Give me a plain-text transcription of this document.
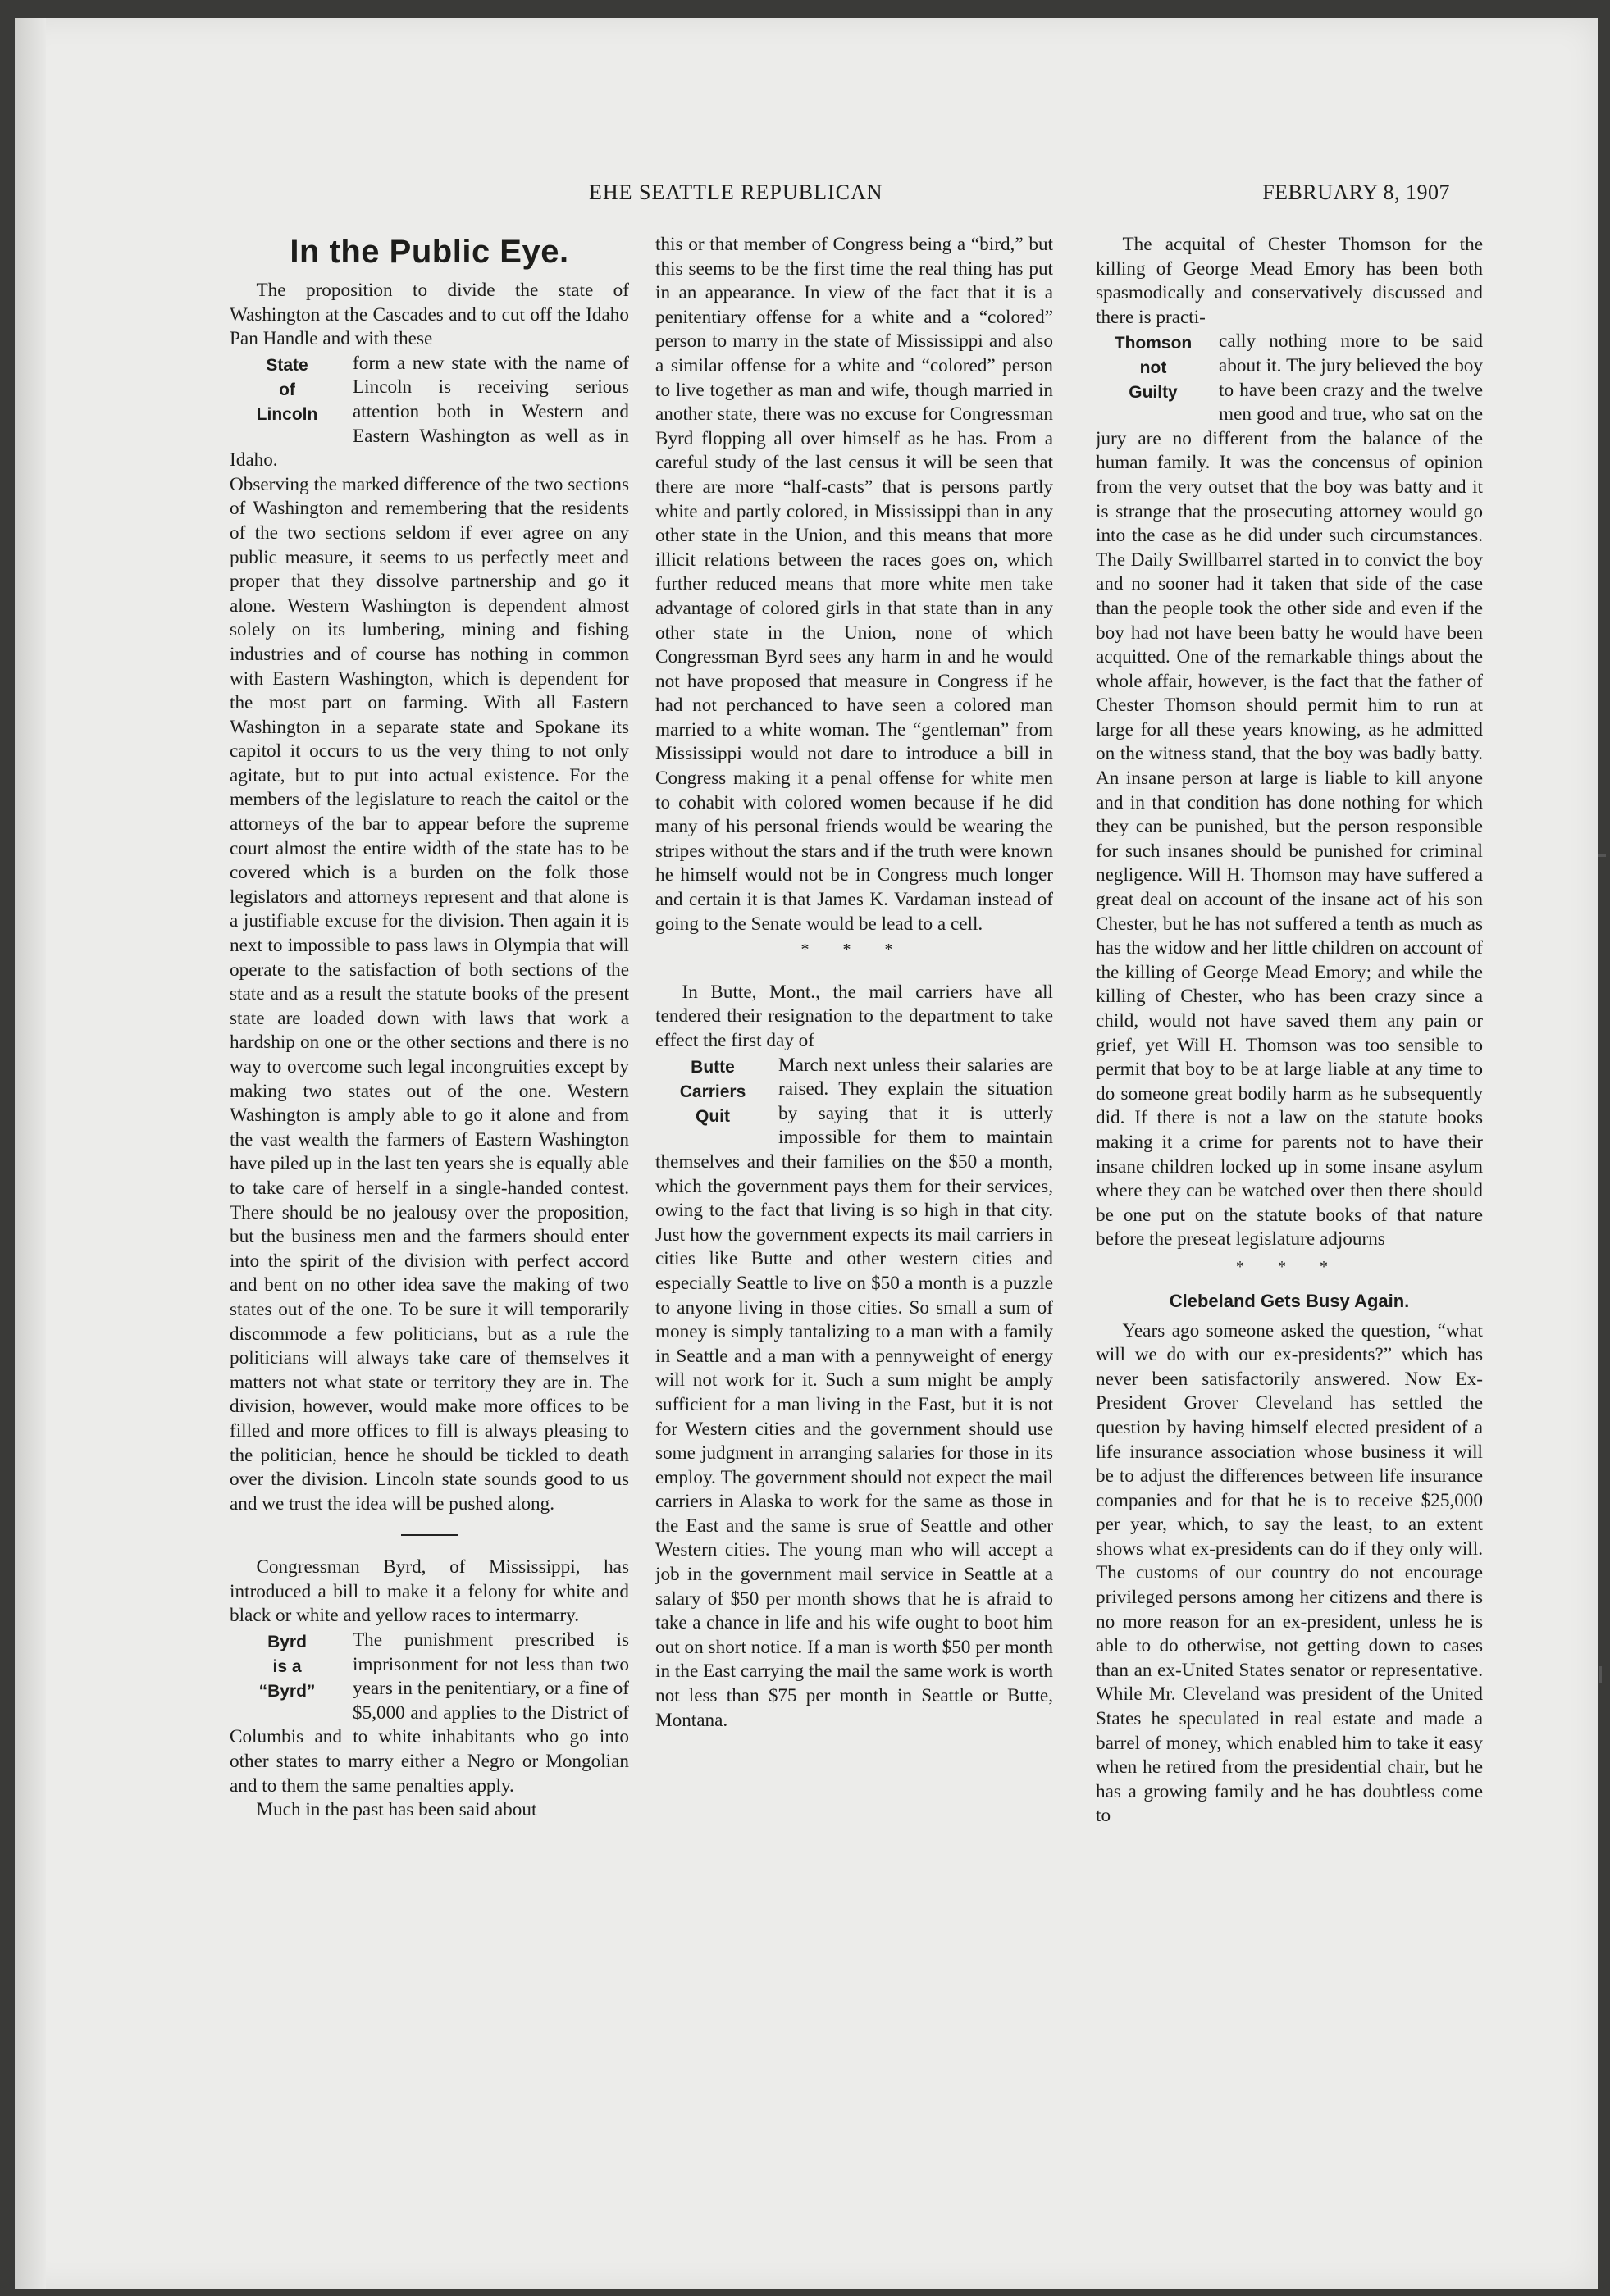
EHE SEATTLE REPUBLICAN	FEBRUARY 8, 1907
In the Public Eye.

The proposition to divide the state of Washington at the Cascades and to cut off the Idaho Pan Handle and with these

State
of
Lincoln
form a new state with the name of Lincoln is receiving serious attention both in Western and Eastern Washington as well as in Idaho.

Observing the marked difference of the two sections of Washington and remembering that the residents of the two sections seldom if ever agree on any public measure, it seems to us perfectly meet and proper that they dissolve partnership and go it alone. Western Washington is dependent almost solely on its lumbering, mining and fishing industries and of course has nothing in common with Eastern Washington, which is dependent for the most part on farming. With all Eastern Washington in a separate state and Spokane its capitol it occurs to us the very thing to not only agitate, but to put into actual existence. For the members of the legislature to reach the caitol or the attorneys of the bar to appear before the supreme court almost the entire width of the state has to be covered which is a burden on the folk those legislators and attorneys represent and that alone is a justifiable excuse for the division. Then again it is next to impossible to pass laws in Olympia that will operate to the satisfaction of both sections of the state and as a result the statute books of the present state are loaded down with laws that work a hardship on one or the other sections and there is no way to overcome such legal incongruities except by making two states out of the one. Western Washington is amply able to go it alone and from the vast wealth the farmers of Eastern Washington have piled up in the last ten years she is equally able to take care of herself in a single-handed contest. There should be no jealousy over the proposition, but the business men and the farmers should enter into the spirit of the division with perfect accord and bent on no other idea save the making of two states out of the one. To be sure it will temporarily discommode a few politicians, but as a rule the politicians will always take care of themselves it matters not what state or territory they are in. The division, however, would make more offices to be filled and more offices to fill is always pleasing to the politician, hence he should be tickled to death over the division. Lincoln state sounds good to us and we trust the idea will be pushed along.

Congressman Byrd, of Mississippi, has introduced a bill to make it a felony for white and black or white and yellow races to intermarry.

Byrd
is a
“Byrd”
The punishment prescribed is imprisonment for not less than two years in the penitentiary, or a fine of $5,000 and applies to the District of Columbis and to white inhabitants who go into other states to marry either a Negro or Mongolian and to them the same penalties apply.

Much in the past has been said about

this or that member of Congress being a “bird,” but this seems to be the first time the real thing has put in an appearance. In view of the fact that it is a penitentiary offense for a white and a “colored” person to marry in the state of Mississippi and also a similar offense for a white and “colored” person to live together as man and wife, though married in another state, there was no excuse for Congressman Byrd flopping all over himself as he has. From a careful study of the last census it will be seen that there are more “half-casts” that is persons partly white and partly colored, in Mississippi than in any other state in the Union, and this means that more illicit relations between the races goes on, which further reduced means that more white men take advantage of colored girls in that state than in any other state in the Union, none of which Congressman Byrd sees any harm in and he would not have proposed that measure in Congress if he had not perchanced to have seen a colored man married to a white woman. The “gentleman” from Mississippi would not dare to introduce a bill in Congress making it a penal offense for white men to cohabit with colored women because if he did many of his personal friends would be wearing the stripes without the stars and if the truth were known he himself would not be in Congress much longer and certain it is that James K. Vardaman instead of going to the Senate would be lead to a cell.

* * *

In Butte, Mont., the mail carriers have all tendered their resignation to the department to take effect the first day of

Butte
Carriers
Quit
March next unless their salaries are raised. They explain the situation by saying that it is utterly impossible for them to maintain themselves and their families on the $50 a month, which the government pays them for their services, owing to the fact that living is so high in that city. Just how the government expects its mail carriers in cities like Butte and other western cities and especially Seattle to live on $50 a month is a puzzle to anyone living in those cities. So small a sum of money is simply tantalizing to a man with a family in Seattle and a man with a pennyweight of energy will not work for it. Such a sum might be amply sufficient for a man living in the East, but it is not for Western cities and the government should use some judgment in arranging salaries for those in its employ. The government should not expect the mail carriers in Alaska to work for the same as those in the East and the same is srue of Seattle and other Western cities. The young man who will accept a job in the government mail service in Seattle at a salary of $50 per month shows that he is afraid to take a chance in life and his wife ought to boot him out on short notice. If a man is worth $50 per month in the East carrying the mail the same work is worth not less than $75 per month in Seattle or Butte, Montana.

The acquital of Chester Thomson for the killing of George Mead Emory has been both spasmodically and conservatively discussed and there is practi-

Thomson
not
Guilty
cally nothing more to be said about it. The jury believed the boy to have been crazy and the twelve men good and true, who sat on the jury are no different from the balance of the human family. It was the concensus of opinion from the very outset that the boy was batty and it is strange that the prosecuting attorney would go into the case as he did under such circumstances. The Daily Swillbarrel started in to convict the boy and no sooner had it taken that side of the case than the people took the other side and even if the boy had not have been batty he would have been acquitted. One of the remarkable things about the whole affair, however, is the fact that the father of Chester Thomson should permit him to run at large for all these years knowing, as he admitted on the witness stand, that the boy was badly batty. An insane person at large is liable to kill anyone and in that condition has done nothing for which they can be punished, but the person responsible for such insanes should be punished for criminal negligence. Will H. Thomson may have suffered a great deal on account of the insane act of his son Chester, but he has not suffered a tenth as much as has the widow and her little children on account of the killing of George Mead Emory; and while the killing of Chester, who has been crazy since a child, would not have saved them any pain or grief, yet Will H. Thomson was too sensible to permit that boy to be at large liable at any time to do someone great bodily harm as he subsequently did. If there is not a law on the statute books making it a crime for parents not to have their insane children locked up in some insane asylum where they can be watched over then there should be one put on the statute books of that nature before the preseat legislature adjourns

* * *
Clebeland Gets Busy Again.

Years ago someone asked the question, “what will we do with our ex-presidents?” which has never been satisfactorily answered. Now Ex-President Grover Cleveland has settled the question by having himself elected president of a life insurance association whose business it will be to adjust the differences between life insurance companies and for that he is to receive $25,000 per year, which, to say the least, to an extent shows what ex-presidents can do if they only will. The customs of our country do not encourage privileged persons among her citizens and there is no more reason for an ex-president, unless he is able to do otherwise, not getting down to cases than an ex-United States senator or representative. While Mr. Cleveland was president of the United States he speculated in real estate and made a barrel of money, which enabled him to take it easy when he retired from the presidential chair, but he has a growing family and he has doubtless come to
